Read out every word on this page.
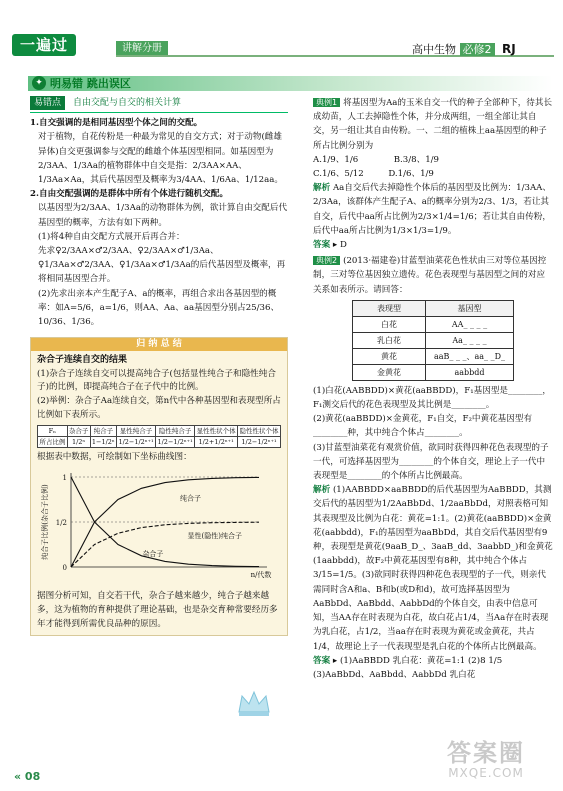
一遍过	讲解分册	高中生物 必修2 RJ
✦ 明易错 跳出误区
易错点	自由交配与自交的相关计算

1.自交强调的是相同基因型个体之间的交配。

对于植物，自花传粉是一种最为常见的自交方式；对于动物(雌雄异体)自交更强调参与交配的雌雄个体基因型相同。如基因型为2/3AA、1/3Aa的植物群体中自交是指：2/3AA×AA、1/3Aa×Aa，其后代基因型及概率为3/4AA、1/6Aa、1/12aa。

2.自由交配强调的是群体中所有个体进行随机交配。

以基因型为2/3AA、1/3Aa的动物群体为例，欲计算自由交配后代基因型的概率，方法有如下两种。

(1)将4种自由交配方式展开后再合并：

先求♀2/3AA×♂2/3AA、♀2/3AA×♂1/3Aa、♀1/3Aa×♂2/3AA、♀1/3Aa×♂1/3Aa的后代基因型及概率，再将相同基因型合并。

(2)先求出亲本产生配子A、a的概率，再组合求出各基因型的概率：如A=5/6，a=1/6，则AA、Aa、aa基因型分别占25/36、10/36、1/36。

归 纳 总 结
杂合子连续自交的结果

(1)杂合子连续自交可以提高纯合子(包括显性纯合子和隐性纯合子)的比例，即提高纯合子在子代中的比例。

(2)举例：杂合子Aa连续自交，第n代中各种基因型和表现型所占比例如下表所示。

Fₙ	杂合子	纯合子	显性纯合子	隐性纯合子	显性性状个体	隐性性状个体
所占比例	1/2ⁿ	1−1/2ⁿ	1/2−1/2ⁿ⁺¹	1/2−1/2ⁿ⁺¹	1/2+1/2ⁿ⁺¹	1/2−1/2ⁿ⁺¹

根据表中数据，可绘制如下坐标曲线图：

1
1/2
0
纯合子比例(杂合子比例)
n/代数
纯合子
显性(隐性)纯合子
杂合子

据图分析可知，自交若干代，杂合子越来越少，纯合子越来越多，这为植物的育种提供了理论基础，也是杂交育种常要经历多年才能得到所需优良品种的原因。

典例1 将基因型为Aa的玉米自交一代的种子全部种下，待其长成幼苗，人工去掉隐性个体，并分成两组，一组全部让其自交，另一组让其自由传粉。一、二组的植株上aa基因型的种子所占比例分别为

A.1/9、1/6	B.3/8、1/9
C.1/6、5/12	D.1/6、1/9

解析 Aa自交后代去掉隐性个体后的基因型及比例为：1/3AA、2/3Aa，该群体产生配子A、a的概率分别为2/3、1/3，若让其自交，后代中aa所占比例为2/3×1/4=1/6；若让其自由传粉，后代中aa所占比例为1/3×1/3=1/9。

答案 ▸ D

典例2 (2013·福建卷)甘蓝型油菜花色性状由三对等位基因控制，三对等位基因独立遗传。花色表现型与基因型之间的对应关系如表所示。请回答：

表现型	基因型
白花	AA_ _ _ _
乳白花	Aa_ _ _ _
黄花	aaB_ _ _、aa_ _D_
金黄花	aabbdd

(1)白花(AABBDD)×黄花(aaBBDD)，F₁基因型是________，F₁测交后代的花色表现型及其比例是________。

(2)黄花(aaBBDD)×金黄花，F₁自交，F₂中黄花基因型有________种，其中纯合个体占________。

(3)甘蓝型油菜花有观赏价值，欲同时获得四种花色表现型的子一代，可选择基因型为________的个体自交，理论上子一代中表现型是________的个体所占比例最高。

解析 (1)AABBDD×aaBBDD的后代基因型为AaBBDD，其测交后代的基因型为1/2AaBbDd、1/2aaBbDd，对照表格可知其表现型及比例为白花：黄花=1:1。(2)黄花(aaBBDD)×金黄花(aabbdd)，F₁的基因型为aaBbDd，其自交后代基因型有9种，表现型是黄花(9aaB_D_、3aaB_dd、3aabbD_)和金黄花(1aabbdd)，故F₂中黄花基因型有8种，其中纯合个体占3/15=1/5。(3)欲同时获得四种花色表现型的子一代，则亲代需同时含A和a、B和b(或D和d)，故可选择基因型为AaBbDd、AaBbdd、AabbDd的个体自交，由表中信息可知，当AA存在时表现为白花，故白花占1/4，当Aa存在时表现为乳白花，占1/2，当aa存在时表现为黄花或金黄花，共占1/4，故理论上子一代表现型是乳白花的个体所占比例最高。

答案 ▸ (1)AaBBDD 乳白花：黄花=1:1 (2)8 1/5 (3)AaBbDd、AaBbdd、AabbDd 乳白花

« 08
答案圈
MXQE.COM
